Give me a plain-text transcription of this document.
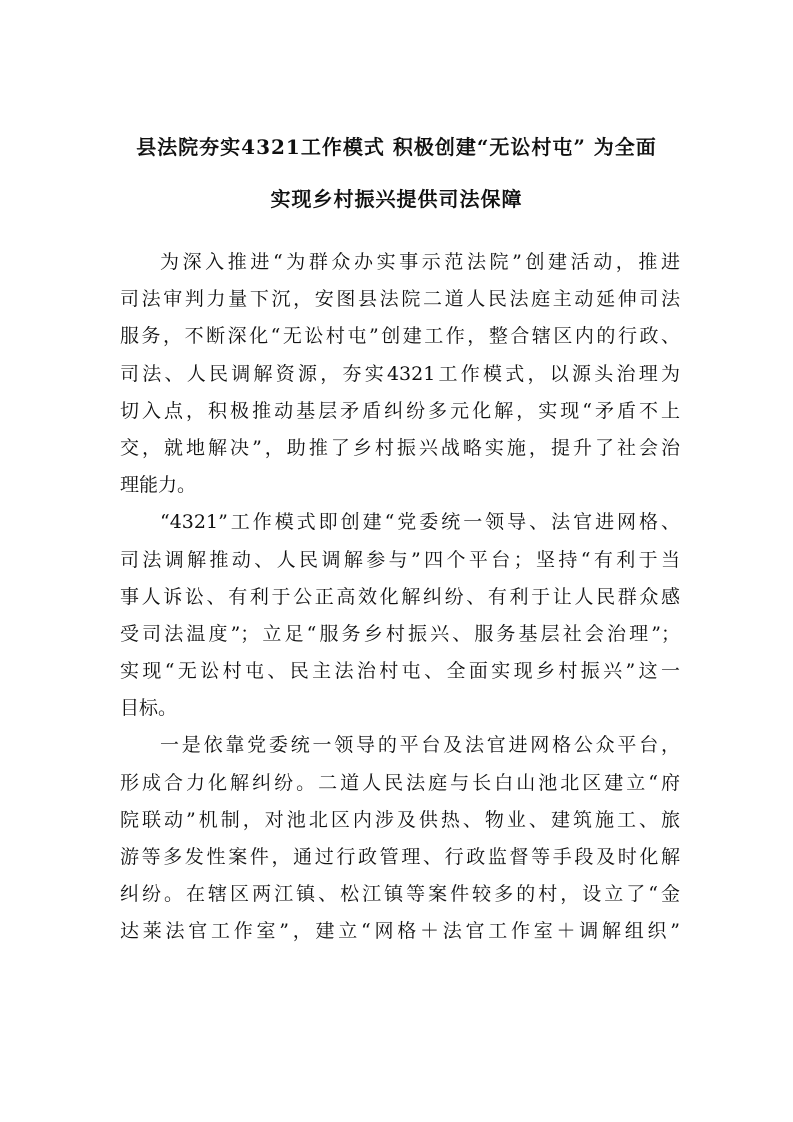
县法院夯实4321工作模式 积极创建“无讼村屯” 为全面
实现乡村振兴提供司法保障
为深入推进“为群众办实事示范法院”创建活动，推进
司法审判力量下沉，安图县法院二道人民法庭主动延伸司法
服务，不断深化“无讼村屯”创建工作，整合辖区内的行政、
司法、人民调解资源，夯实4321工作模式，以源头治理为
切入点，积极推动基层矛盾纠纷多元化解，实现“矛盾不上
交，就地解决”，助推了乡村振兴战略实施，提升了社会治
理能力。
“4321”工作模式即创建“党委统一领导、法官进网格、
司法调解推动、人民调解参与”四个平台；坚持“有利于当
事人诉讼、有利于公正高效化解纠纷、有利于让人民群众感
受司法温度”；立足“服务乡村振兴、服务基层社会治理”；
实现“无讼村屯、民主法治村屯、全面实现乡村振兴”这一
目标。
一是依靠党委统一领导的平台及法官进网格公众平台，
形成合力化解纠纷。二道人民法庭与长白山池北区建立“府
院联动”机制，对池北区内涉及供热、物业、建筑施工、旅
游等多发性案件，通过行政管理、行政监督等手段及时化解
纠纷。在辖区两江镇、松江镇等案件较多的村，设立了“金
达莱法官工作室”，建立“网格＋法官工作室＋调解组织”
